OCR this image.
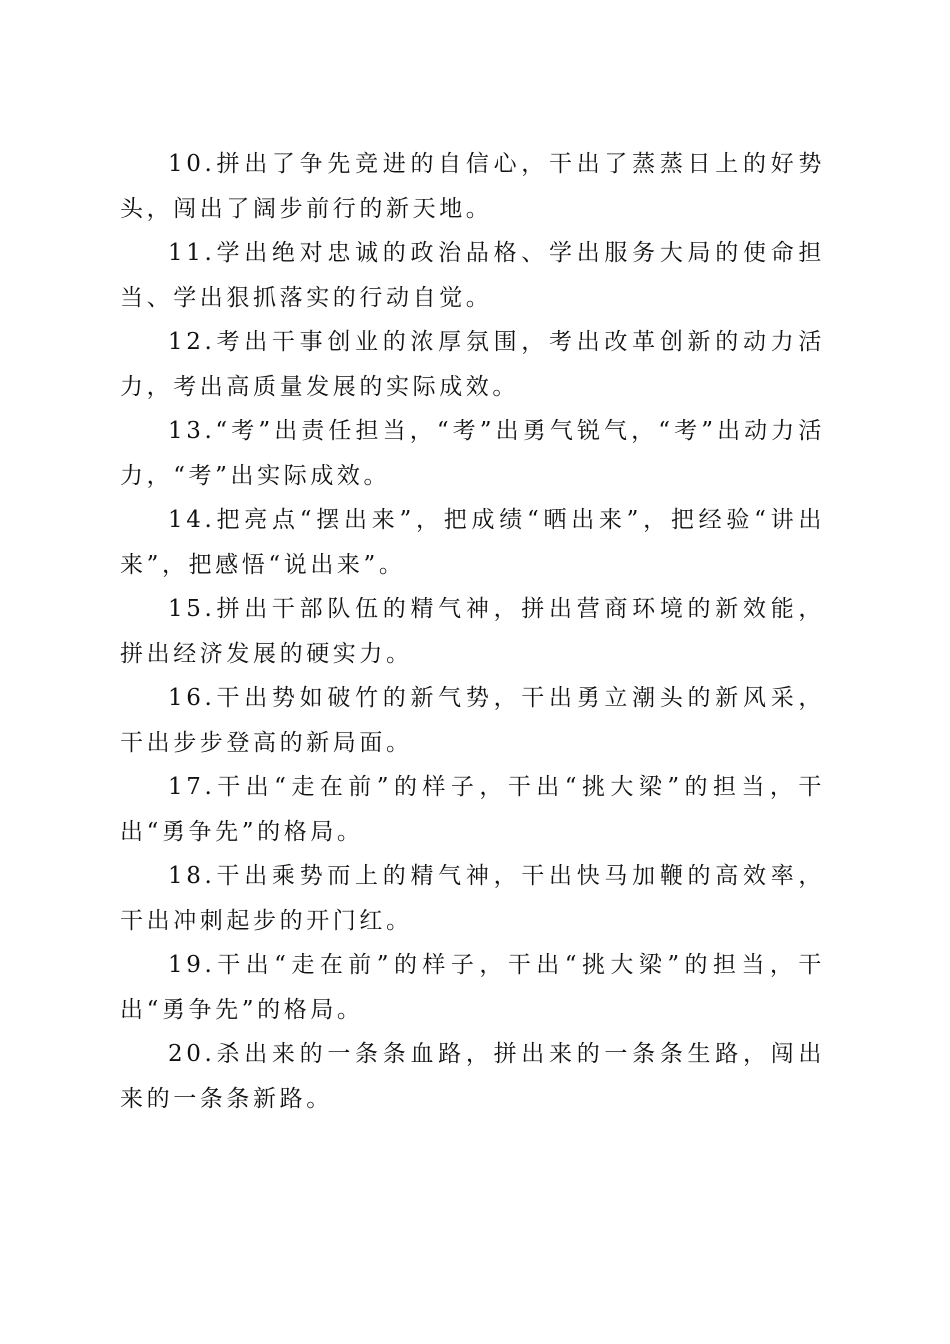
10.拼出了争先竞进的自信心，干出了蒸蒸日上的好势头，闯出了阔步前行的新天地。

11.学出绝对忠诚的政治品格、学出服务大局的使命担当、学出狠抓落实的行动自觉。

12.考出干事创业的浓厚氛围，考出改革创新的动力活力，考出高质量发展的实际成效。

13.“考”出责任担当，“考”出勇气锐气，“考”出动力活力，“考”出实际成效。

14.把亮点“摆出来”，把成绩“晒出来”，把经验“讲出来”，把感悟“说出来”。

15.拼出干部队伍的精气神，拼出营商环境的新效能，拼出经济发展的硬实力。

16.干出势如破竹的新气势，干出勇立潮头的新风采，干出步步登高的新局面。

17.干出“走在前”的样子，干出“挑大梁”的担当，干出“勇争先”的格局。

18.干出乘势而上的精气神，干出快马加鞭的高效率，干出冲刺起步的开门红。

19.干出“走在前”的样子，干出“挑大梁”的担当，干出“勇争先”的格局。

20.杀出来的一条条血路，拼出来的一条条生路，闯出来的一条条新路。
